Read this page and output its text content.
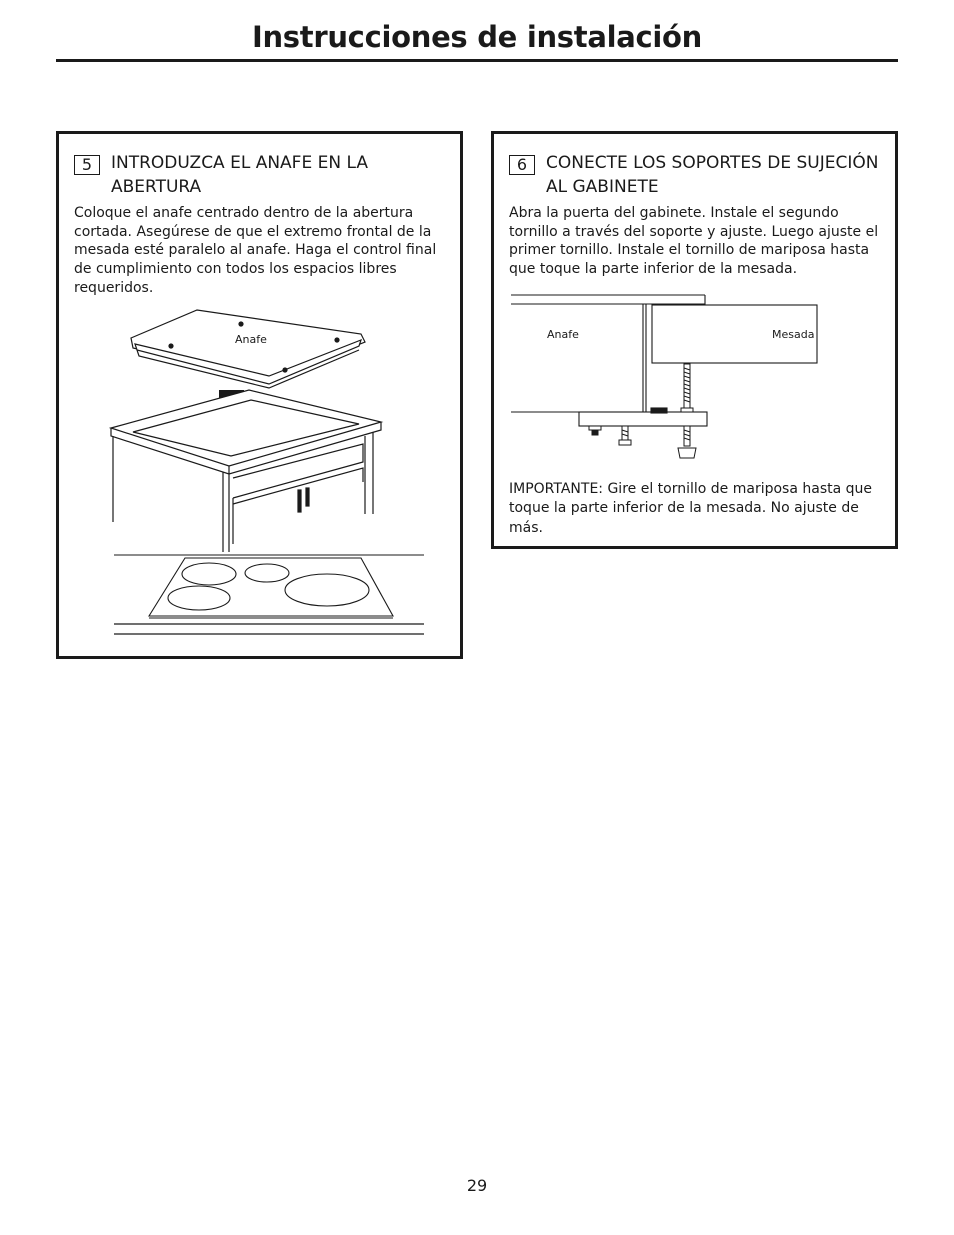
Instrucciones de instalación
5	INTRODUZCA EL ANAFE EN LA ABERTURA

Coloque el anafe centrado dentro de la abertura cortada. Asegúrese de que el extremo frontal de la mesada esté paralelo al anafe. Haga el control final de cumplimiento con todos los espacios libres requeridos.

Anafe
6	CONECTE LOS SOPORTES DE SUJECIÓN AL GABINETE

Abra la puerta del gabinete. Instale el segundo tornillo a través del soporte y ajuste. Luego ajuste el primer tornillo. Instale el tornillo de mariposa hasta que toque la parte inferior de la mesada.

Anafe	Mesada

IMPORTANTE: Gire el tornillo de mariposa hasta que toque la parte inferior de la mesada. No ajuste de más.

29
